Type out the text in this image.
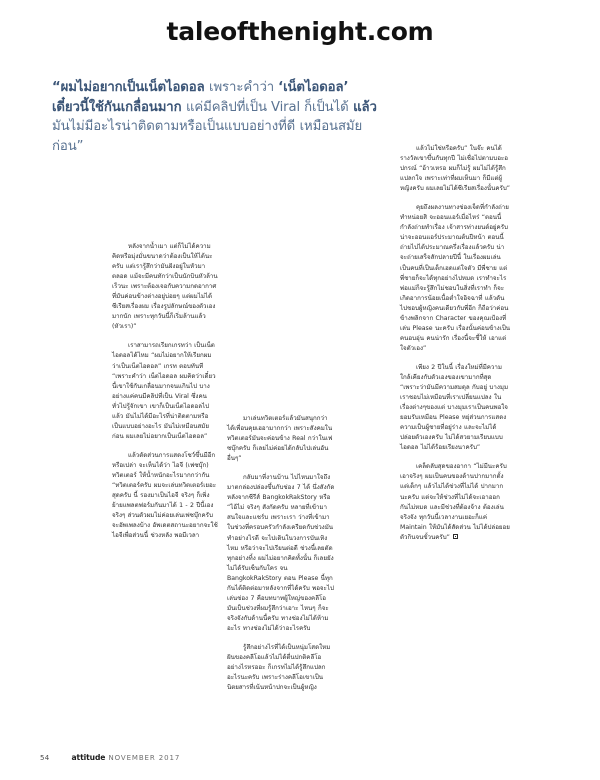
taleofthenight.com
“ผมไม่อยากเป็นเน็ตไอดอล เพราะคำว่า ‘เน็ตไอดอล’ เดี๋ยวนี้ใช้กันเกลื่อนมาก แค่มีคลิปที่เป็น Viral ก็เป็นได้ แล้ว มันไม่มีอะไรน่าติดตามหรือเป็นแบบอย่างที่ดี เหมือนสมัยก่อน”

หลังจากน้ำเมา แต่ก็ไม่ได้ความคิดหรือมุ่งมั่นขนาดว่าต้องเป็นให้ได้นะครับ แต่เรารู้สึกว่ามันฝังอยู่ในหัวมาตลอด แม้จะมีคนทักว่าเป็นนักบินหัวล้านเร็วนะ เพราะต้องเจอกับความกดอากาศที่มันค่อนข้างต่างอยู่บ่อยๆ แต่ผมไม่ได้ซีเรียสเรื่องผม เรื่องรูปลักษณ์ของตัวเองมากนัก เพราะทุกวันนี้ก็เริ่มล้านแล้ว (หัวเรา)”

เราสามารถเรียกเกรทว่า เป็นเน็ตไอดอลได้ไหม “ผมไม่อยากให้เรียกผมว่าเป็นเน็ตไอดอล” เกรท ตอบทันที “เพราะคำว่า เน็ตไอดอล ผมคิดว่าเดี๋ยวนี้เขาใช้กันเกลื่อนมากจนแกินไป บางอย่างแค่คนมีคลิปที่เป็น Viral ซึ่งคนทั่วไปรู้จักเขา เขาก็เป็นเน็ตไอดอลไปแล้ว มันไม่ได้มีอะไรที่น่าติดตามหรือเป็นแบบอย่างอะไร มันไม่เหมือนสมัยก่อน ผมเลยไม่อยากเป็นเน็ตไอดอล”

แล้วตัดส่วนการแสดงโชว์ขึ้นมีอีกหรือเปล่า จะเห็นได้ว่า ไอจี (เฟซบุ๊ก) ทวิตเตอร์ ให้น้ำหนักอะไรมากกว่ากัน “ทวิตเตอร์ครับ ผมจะเล่นทวิตเตอร์เยอะสุดครับ นี้ รองมาเป็นไอจี จริงๆ ก็เพิ่งย้ายแพลตฟอร์มกันมาได้ 1 - 2 ปีนี้เอง จริงๆ ส่วนตัวผมไม่ค่อยเล่นเฟซบุ๊กครับ จะอัพเพลงบ้าง อัพเดตสถานะอยากจะใช้ไอจีเพื่อส่วนนี้ ช่วงหลัง พอมีเวลา

มาเล่นทวิตเตอร์แล้วมันสนุกกว่า ได้เพื่อนคุยเฮอามากกว่า เพราะสังคมในทวิตเตอร์มันจะค่อนข้าง Real กว่าในเฟซบุ๊กครับ ก็เลยไม่ค่อยได้กลับไปเล่นอันอื่นๆ”

กลับมาที่งานบ้าน ไปไหนมาใจถึงมาตกล่องปล่องขึ้นกับช่อง 7 ได้ นึ่งสังกัดหลังจากซีรีส์ BangkokRakStory หรือ “ไอ้ไม่ จริงๆ สังกัดครับ หลายที่เข้ามาสนใจและแชร์บ เพราะเรา ว่างที่เข้ามาในช่วงที่ครอบครัวกำลังเครียดกับช่วงมันทำอย่างไรดี จะไปเดินในวงการบันเทิงไหม หรือว่าจะไปเรียนต่อดี ช่วงนี้เลยตัดทุกอย่างทิ้ง ผมไม่อยากคิดทั้งนั้น ก็เลยยังไม่ได้รับเซ็นกับใคร จน BangkokRakStory ตอน Please นี้ทุกกันได้ติดต่อมาหลังจากที่ได้ครับ พอจะไปเล่นช่อง 7 คือบทบาทผู้ใหญ่ของคลีโอ มันเป็นช่วงที่ผมรู้สึกว่าเอาะ ไหนๆ ก็จะจริงจังกับด้านนี้ครับ ทางช่องไม่ได้ห้ามอะไร ทางช่องไม่ได้ว่าอะไรครับ

รู้สึกอย่างไรที่ได้เป็นหนุ่มโสดใหม ฝันของคลีโอแล้วไม่ได้ตื่นปกติคลีโออย่างไรหรออะ ก็เกรทไม่ได้รู้สึกแปลกอะไรนะครับ เพราะร่างคลีโอเขาเป็นนิตยสารที่เน้นหน้าปกจะเป็นผู้หญิง

แล้วไม่ใช่หรือครับ” ในจ๊ะ คนได้รางวัลเขาขึ้นกันทุกปี ไม่เชื่อไปตามบอะอปกรณ์ “อ้าวเหรอ ผมก็ไม่รู้ ผมไม่ได้รู้สึกแปลกใจ เพราะเท่าที่ผมเห็นมา ก็มีแต่ผู้หญิงครับ ผมเลยไม่ได้ซีเรียสเรื่องนั้นครับ”

คุยถึงผลงานทางช่องเจ็ดที่กำลังถ่ายทำหน่อยสิ จะออนแอร์เมื่อไหร่ “ตอนนี้กำลังถ่ายทำเรื่อง เจ้าสารท่างยนต์อยู่ครับ น่าจะออนแอร์ประมาณต้นปีหน้า ตอนนี้ถ่ายไปได้ประมาณครึ่งเรื่องแล้วครับ น่าจะถ่ายเสร็จสักปลายปีนี้ ในเรื่องผมเล่นเป็นคนที่เป็นเด็กเฮดแต่ใจตัว มีพี่ชาย แต่พี่ชายก็จะได้ทุกอย่างไปหมด เราทำจะไรพ่อแม่ก็จะรู้สึกไม่ชอบในสิ่งที่เราทำ ก็จะเกิดอาการน้อยเนื้อต่ำใจอิจฉาที่ แล้วดันไปชอบผู้หญิงคนเดียวกับพี่อีก ก็ถือว่าค่อนข้างพลิกจาก Character ของคุณเป้องที่เล่น Please นะครับ เรื่องนั้นค่อนข้างเป็นคนอบอุ่น คนน่ารัก เรื่องนี้จะชี้ให้ เอาแต่ใจตัวเอง”

เพียง 2 ปีในนี้ เรื่องใหม่ที่มีความใกล้เคียงกับตัวเองของเขามากที่สุด “เพราะว่ามันมีความสมดุล กับอยู่ บางมุมเราชอบไม่เหมือนที่เราเปลี่ยนแปลง ในเรื่องต่างๆของแต่ บางมุมเราเป็นคนพอใจยอมรับเหมือน Please หยุ่ส่วนการแสดงความเป็นผู้ชายที่อยู่ร่าง และจะไม่ได้ปล่อยตัวเองครับ ไม่ได้สวยามเรียบแบบ ไอดอล ไม่ได้ร้อยเรียงนาครับ”

เคล็ดลับสุดของอากา “ไม่มีนะครับ เอาจริงๆ ผมเป็นคนของด้านปากมากตั้งแต่เด็กๆ แล้วไม่ได้ช่วงที่ไม่ได้ ปากมากนะครับ แต่จะให้ช่วงที่ไม่ได้จะเอาออก กันไม่หมด และมีช่วงที่ต้องจ้าง ต้องเล่นจริงจัง ทุกวันนี้เวลางานเยอะก็แค่ Maintain ให้มันได้สัดส่วน ไม่ได้ปล่อยอยตัวกินจนขั้วนครับ”

54	attitude NOVEMBER 2017
